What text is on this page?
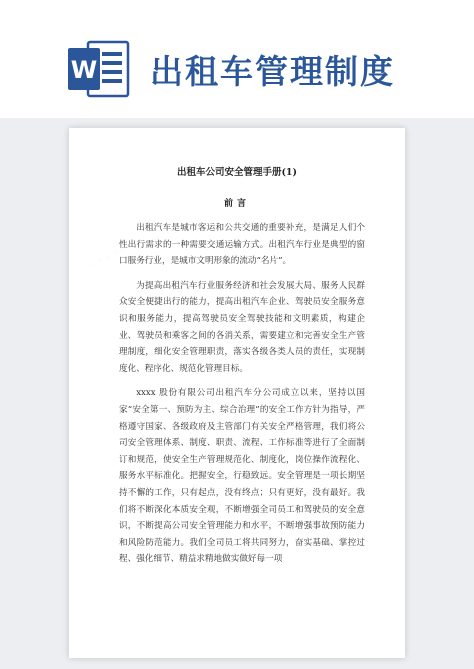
W 出租车管理制度
出租车公司安全管理手册(1)
前言

出租汽车是城市客运和公共交通的重要补充，是满足人们个性出行需求的一种需要交通运输方式。出租汽车行业是典型的窗口服务行业，是城市文明形象的流动“名片”。

为提高出租汽车行业服务经济和社会发展大局、服务人民群众安全便捷出行的能力，提高出租汽车企业、驾驶员安全服务意识和服务能力，提高驾驶员安全驾驶技能和文明素质，构建企业、驾驶员和乘客之间的各消关系，需要建立和完善安全生产管理制度，细化安全管理职责，落实各级各类人员的责任，实现制度化、程序化、规范化管理目标。

xxxx 股份有限公司出租汽车分公司成立以来，坚持以国家“安全第一、预防为主、综合治理”的安全工作方针为指导，严格遵守国家、各级政府及主管部门有关安全严格管理，我们将公司安全管理体系、制度、职责、流程、工作标准等进行了全面制订和规范，使安全生产管理规范化、制度化，岗位操作流程化、服务水平标准化。把握安全，行稳致远。安全管理是一项长期坚持不懈的工作，只有起点，没有终点；只有更好，没有最好。我们将不断深化本质安全观，不断增强全司员工和驾驶员的安全意识，不断提高公司安全管理能力和水平，不断增强事故预防能力和风险防范能力。我们全司员工将共同努力，奋实基础、掌控过程、强化细节、精益求精地做实做好每一项
